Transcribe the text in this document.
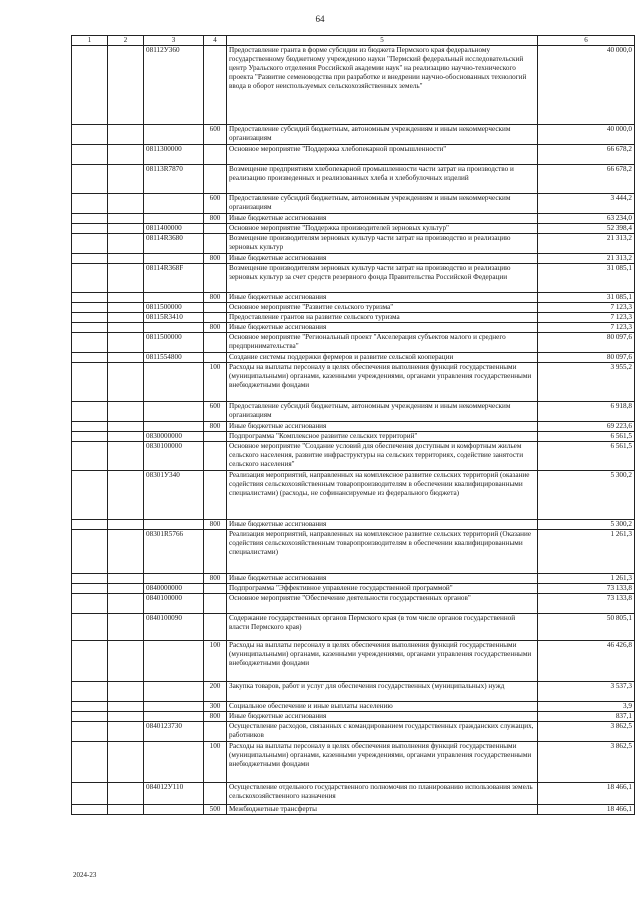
64
1	2	3	4	5	6
		08112У360		Предоставление гранта в форме субсидии из бюджета Пермского края федеральному государственному бюджетному учреждению науки "Пермский федеральный исследовательский центр Уральского отделения Российской академии наук" на реализацию научно-технического проекта "Развитие семеноводства при разработке и внедрении научно-обоснованных технологий ввода в оборот неиспользуемых сельскохозяйственных земель"	40 000,0
			600	Предоставление субсидий бюджетным, автономным учреждениям и иным некоммерческим организациям	40 000,0
		0811300000		Основное мероприятие "Поддержка хлебопекарной промышленности"	66 678,2
		08113R7870		Возмещение предприятиям хлебопекарной промышленности части затрат на производство и реализацию произведенных и реализованных хлеба и хлебобулочных изделий	66 678,2
			600	Предоставление субсидий бюджетным, автономным учреждениям и иным некоммерческим организациям	3 444,2
			800	Иные бюджетные ассигнования	63 234,0
		0811400000		Основное мероприятие "Поддержка производителей зерновых культур"	52 398,4
		08114R3680		Возмещение производителям зерновых культур части затрат на производство и реализацию зерновых культур	21 313,2
			800	Иные бюджетные ассигнования	21 313,2
		08114R368F		Возмещение производителям зерновых культур части затрат на производство и реализацию зерновых культур за счет средств резервного фонда Правительства Российской Федерации	31 085,1
			800	Иные бюджетные ассигнования	31 085,1
		0811500000		Основное мероприятие "Развитие сельского туризма"	7 123,3
		08115R3410		Предоставление грантов на развитие сельского туризма	7 123,3
			800	Иные бюджетные ассигнования	7 123,3
		0811500000		Основное мероприятие "Региональный проект "Акселерация субъектов малого и среднего предпринимательства"	80 097,6
		0811554800		Создание системы поддержки фермеров и развитие сельской кооперации	80 097,6
			100	Расходы на выплаты персоналу в целях обеспечения выполнения функций государственными (муниципальными) органами, казенными учреждениями, органами управления государственными внебюджетными фондами	3 955,2
			600	Предоставление субсидий бюджетным, автономным учреждениям и иным некоммерческим организациям	6 918,8
			800	Иные бюджетные ассигнования	69 223,6
		0830000000		Подпрограмма "Комплексное развитие сельских территорий"	6 561,5
		0830100000		Основное мероприятие "Создание условий для обеспечения доступным и комфортным жильем сельского населения, развитие инфраструктуры на сельских территориях, содействие занятости сельского населения"	6 561,5
		08301У340		Реализация мероприятий, направленных на комплексное развитие сельских территорий (оказание содействия сельскохозяйственным товаропроизводителям в обеспечении квалифицированными специалистами) (расходы, не софинансируемые из федерального бюджета)	5 300,2
			800	Иные бюджетные ассигнования	5 300,2
		08301R5766		Реализация мероприятий, направленных на комплексное развитие сельских территорий (Оказание содействия сельскохозяйственным товаропроизводителям в обеспечении квалифицированными специалистами)	1 261,3
			800	Иные бюджетные ассигнования	1 261,3
		0840000000		Подпрограмма "Эффективное управление государственной программой"	73 133,8
		0840100000		Основное мероприятие "Обеспечение деятельности государственных органов"	73 133,8
		0840100090		Содержание государственных органов Пермского края (в том числе органов государственной власти Пермского края)	50 805,1
			100	Расходы на выплаты персоналу в целях обеспечения выполнения функций государственными (муниципальными) органами, казенными учреждениями, органами управления государственными внебюджетными фондами	46 426,8
			200	Закупка товаров, работ и услуг для обеспечения государственных (муниципальных) нужд	3 537,3
			300	Социальное обеспечение и иные выплаты населению	3,9
			800	Иные бюджетные ассигнования	837,1
		0840123730		Осуществление расходов, связанных с командированием государственных гражданских служащих, работников	3 862,5
			100	Расходы на выплаты персоналу в целях обеспечения выполнения функций государственными (муниципальными) органами, казенными учреждениями, органами управления государственными внебюджетными фондами	3 862,5
		084012У110		Осуществление отдельного государственного полномочия по планированию использования земель сельскохозяйственного назначения	18 466,1
			500	Межбюджетные трансферты	18 466,1
2024-23
